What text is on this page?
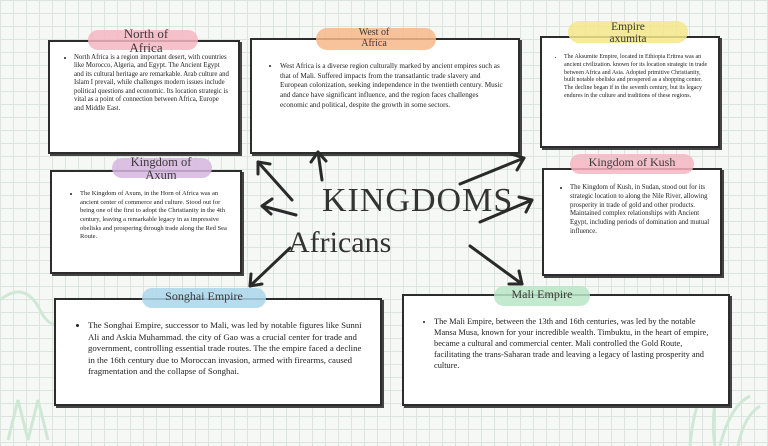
KINGDOMS
Africans
North of
Africa
• North Africa is a region important desert, with countries like Morocco, Algeria, and Egypt. The Ancient Egypt and its cultural heritage are remarkable. Arab culture and Islam I prevail, while challenges modern issues include political questions and economic. Its location strategic is vital as a point of connection between Africa, Europe and Middle East.
West of
Africa
• West Africa is a diverse region culturally marked by ancient empires such as that of Mali. Suffered impacts from the transatlantic trade slavery and European colonization, seeking independence in the twentieth century. Music and dance have significant influence, and the region faces challenges economic and political, despite the growth in some sectors.
Empire
axumita
• The Aksumite Empire, located in Ethiopia Eritrea was an ancient civilization. known for its location strategic in trade between Africa and Asia. Adopted primitive Christianity, built notable obelisks and prospered as a shopping center. The decline began if in the seventh century, but its legacy endures in the culture and traditions of these regions.
Kingdom of
Axum
• The Kingdom of Axum, in the Horn of Africa was an ancient center of commerce and culture. Stood out for being one of the first to adopt the Christianity in the 4th century, leaving a remarkable legacy in as impressive obelisks and prospering through trade along the Red Sea Route.
Kingdom of Kush
• The Kingdom of Kush, in Sudan, stood out for its strategic location to along the Nile River, allowing prosperity in trade of gold and other products. Maintained complex relationships with Ancient Egypt, including periods of domination and mutual influence.
Songhai Empire
• The Songhai Empire, successor to Mali, was led by notable figures like Sunni Ali and Askia Muhammad. the city of Gao was a crucial center for trade and government, controlling essential trade routes. The the empire faced a decline in the 16th century due to Moroccan invasion, armed with firearms, caused fragmentation and the collapse of Songhai.
Mali Empire
• The Mali Empire, between the 13th and 16th centuries, was led by the notable Mansa Musa, known for your incredible wealth. Timbuktu, in the heart of empire, became a cultural and commercial center. Mali controlled the Gold Route, facilitating the trans-Saharan trade and leaving a legacy of lasting prosperity and culture.
